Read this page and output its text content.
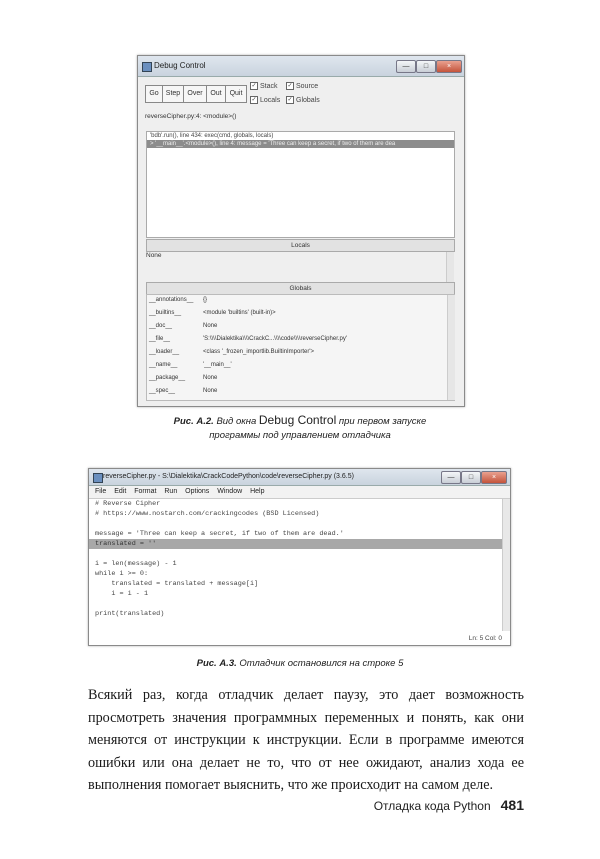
Debug Control	—	□	×
Go	Step	Over	Out	Quit
✓ Stack ✓ Source
✓ Locals ✓ Globals
reverseCipher.py:4: <module>()
'bdb'.run(), line 434: exec(cmd, globals, locals)
> '__main__'.<module>(), line 4: message = 'Three can keep a secret, if two of them are dea
Locals
None
Globals
__annotations__ {}
__builtins__	<module 'builtins' (built-in)>
__doc__	None
__file__	'S:\\\\Dialektika\\\\CrackC...\\\\code\\\\reverseCipher.py'
__loader__	<class '_frozen_importlib.BuiltinImporter'>
__name__	'__main__'
__package__	None
__spec__	None
Рис. А.2. Вид окна Debug Control при первом запуске
программы под управлением отладчика
reverseCipher.py - S:\Dialektika\CrackCodePython\code\reverseCipher.py (3.6.5)	—	□	×
File Edit Format Run Options Window Help
# Reverse Cipher
# https://www.nostarch.com/crackingcodes (BSD Licensed)
message = 'Three can keep a secret, if two of them are dead.'
translated = ''
i = len(message) - 1
while i >= 0:
translated = translated + message[i]
i = i - 1
print(translated)
Ln: 5 Col: 0
Рис. А.3. Отладчик остановился на строке 5
Всякий раз, когда отладчик делает паузу, это дает возможность просмотреть значения программных переменных и понять, как они меняются от инструкции к инструкции. Если в программе имеются ошибки или она делает не то, что от нее ожидают, анализ хода ее выполнения помогает выяснить, что же происходит на самом деле.
Отладка кода Python 481
